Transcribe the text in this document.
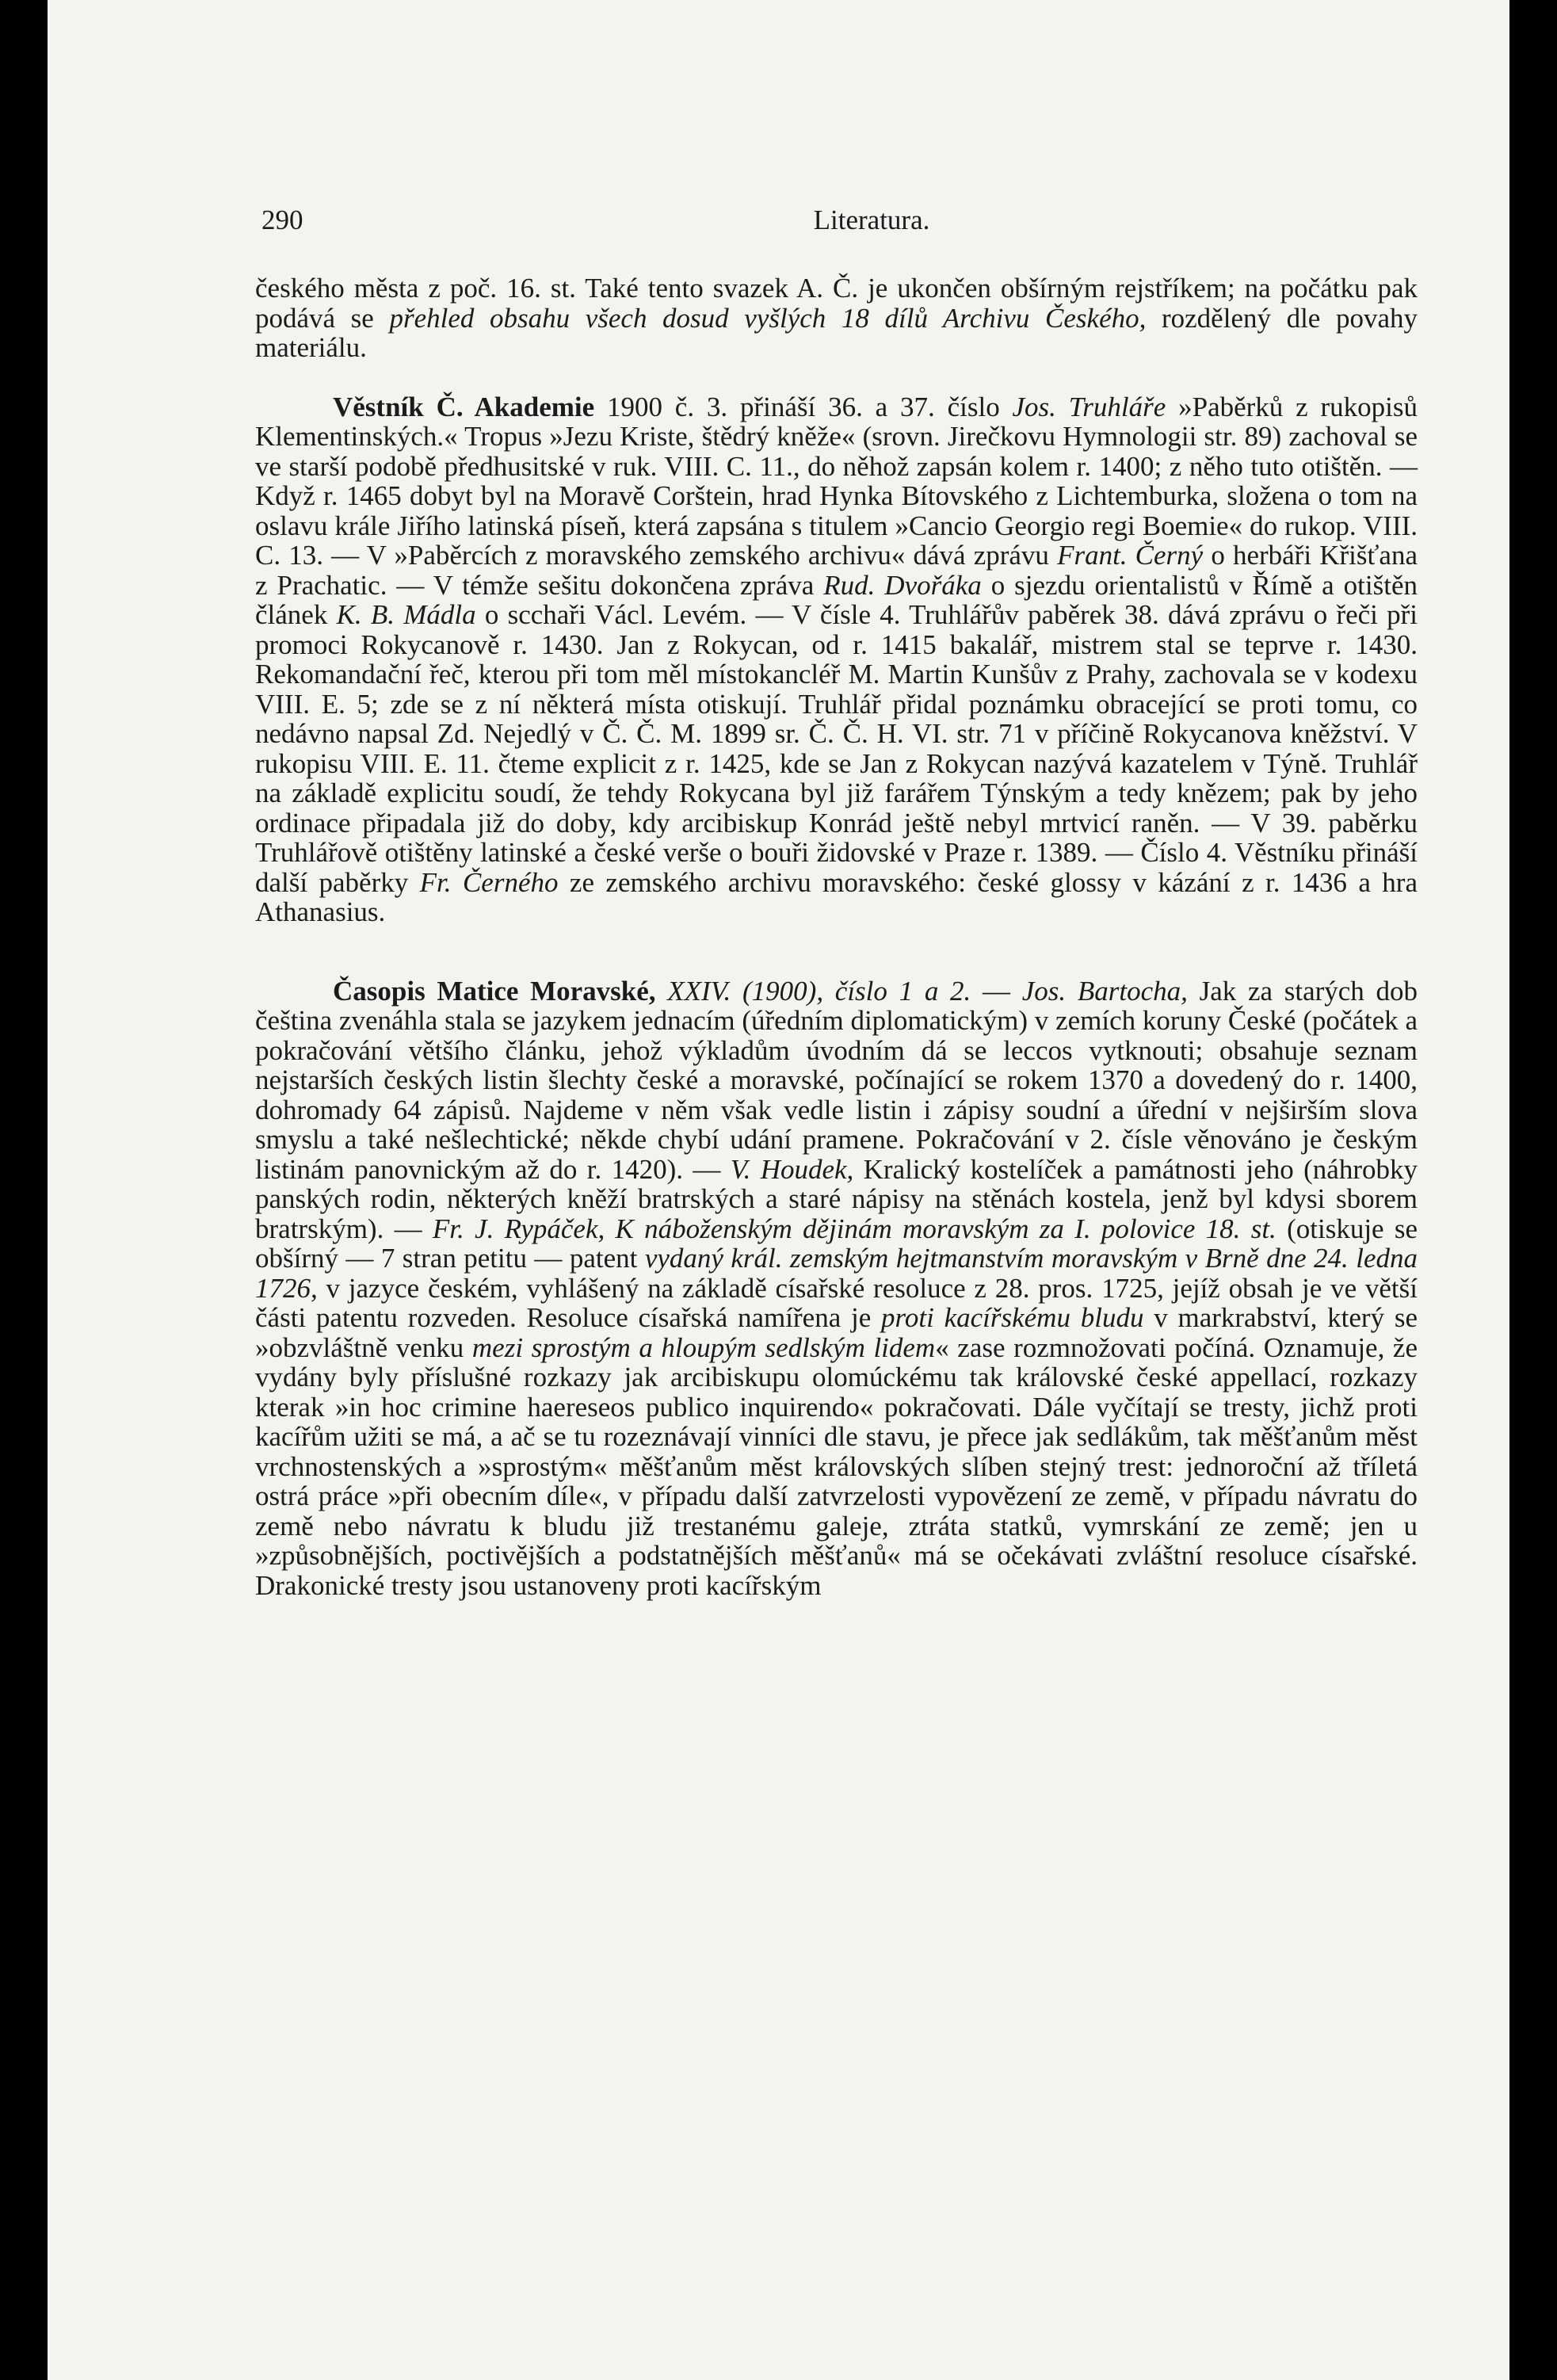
290	Literatura.

českého města z poč. 16. st. Také tento svazek A. Č. je ukončen obšírným rejstříkem; na počátku pak podává se přehled obsahu všech dosud vyšlých 18 dílů Archivu Českého, rozdělený dle povahy materiálu.

Věstník Č. Akademie 1900 č. 3. přináší 36. a 37. číslo Jos. Truhláře »Paběrků z rukopisů Klementinských.« Tropus »Jezu Kriste, štědrý kněže« (srovn. Jirečkovu Hymnologii str. 89) zachoval se ve starší podobě předhusitské v ruk. VIII. C. 11., do něhož zapsán kolem r. 1400; z něho tuto otištěn. — Když r. 1465 dobyt byl na Moravě Corštein, hrad Hynka Bítovského z Lichtemburka, složena o tom na oslavu krále Jiřího latinská píseň, která zapsána s titulem »Cancio Georgio regi Boemie« do rukop. VIII. C. 13. — V »Paběrcích z moravského zemského archivu« dává zprávu Frant. Černý o herbáři Křišťana z Prachatic. — V témže sešitu dokončena zpráva Rud. Dvořáka o sjezdu orientalistů v Římě a otištěn článek K. B. Mádla o scchaři Václ. Levém. — V čísle 4. Truhlářův paběrek 38. dává zprávu o řeči při promoci Rokycanově r. 1430. Jan z Rokycan, od r. 1415 bakalář, mistrem stal se teprve r. 1430. Rekomandační řeč, kterou při tom měl místokancléř M. Martin Kunšův z Prahy, zachovala se v kodexu VIII. E. 5; zde se z ní některá místa otiskují. Truhlář přidal poznámku obracející se proti tomu, co nedávno napsal Zd. Nejedlý v Č. Č. M. 1899 sr. Č. Č. H. VI. str. 71 v příčině Rokycanova kněžství. V rukopisu VIII. E. 11. čteme explicit z r. 1425, kde se Jan z Rokycan nazývá kazatelem v Týně. Truhlář na základě explicitu soudí, že tehdy Rokycana byl již farářem Týnským a tedy knězem; pak by jeho ordinace připadala již do doby, kdy arcibiskup Konrád ještě nebyl mrtvicí raněn. — V 39. paběrku Truhlářově otištěny latinské a české verše o bouři židovské v Praze r. 1389. — Číslo 4. Věstníku přináší další paběrky Fr. Černého ze zemského archivu moravského: české glossy v kázání z r. 1436 a hra Athanasius.

Časopis Matice Moravské, XXIV. (1900), číslo 1 a 2. — Jos. Bartocha, Jak za starých dob čeština zvenáhla stala se jazykem jednacím (úředním diplomatickým) v zemích koruny České (počátek a pokračování většího článku, jehož výkladům úvodním dá se leccos vytknouti; obsahuje seznam nejstarších českých listin šlechty české a moravské, počínající se rokem 1370 a dovedený do r. 1400, dohromady 64 zápisů. Najdeme v něm však vedle listin i zápisy soudní a úřední v nejširším slova smyslu a také nešlechtické; někde chybí udání pramene. Pokračování v 2. čísle věnováno je českým listinám panovnickým až do r. 1420). — V. Houdek, Kralický kostelíček a památnosti jeho (náhrobky panských rodin, některých kněží bratrských a staré nápisy na stěnách kostela, jenž byl kdysi sborem bratrským). — Fr. J. Rypáček, K náboženským dějinám moravským za I. polovice 18. st. (otiskuje se obšírný — 7 stran petitu — patent vydaný král. zemským hejtmanstvím moravským v Brně dne 24. ledna 1726, v jazyce českém, vyhlášený na základě císařské resoluce z 28. pros. 1725, jejíž obsah je ve větší části patentu rozveden. Resoluce císařská namířena je proti kacířskému bludu v markrabství, který se »obzvláštně venku mezi sprostým a hloupým sedlským lidem« zase rozmnožovati počíná. Oznamuje, že vydány byly příslušné rozkazy jak arcibiskupu olomúckému tak královské české appellací, rozkazy kterak »in hoc crimine haereseos publico inquirendo« pokračovati. Dále vyčítají se tresty, jichž proti kacířům užiti se má, a ač se tu rozeznávají vinníci dle stavu, je přece jak sedlákům, tak měšťanům měst vrchnostenských a »sprostým« měšťanům měst královských slíben stejný trest: jednoroční až tříletá ostrá práce »při obecním díle«, v případu další zatvrzelosti vypovězení ze země, v případu návratu do země nebo návratu k bludu již trestanému galeje, ztráta statků, vymrskání ze země; jen u »způsobnějších, poctivějších a podstatnějších měšťanů« má se očekávati zvláštní resoluce císařské. Drakonické tresty jsou ustanoveny proti kacířským
